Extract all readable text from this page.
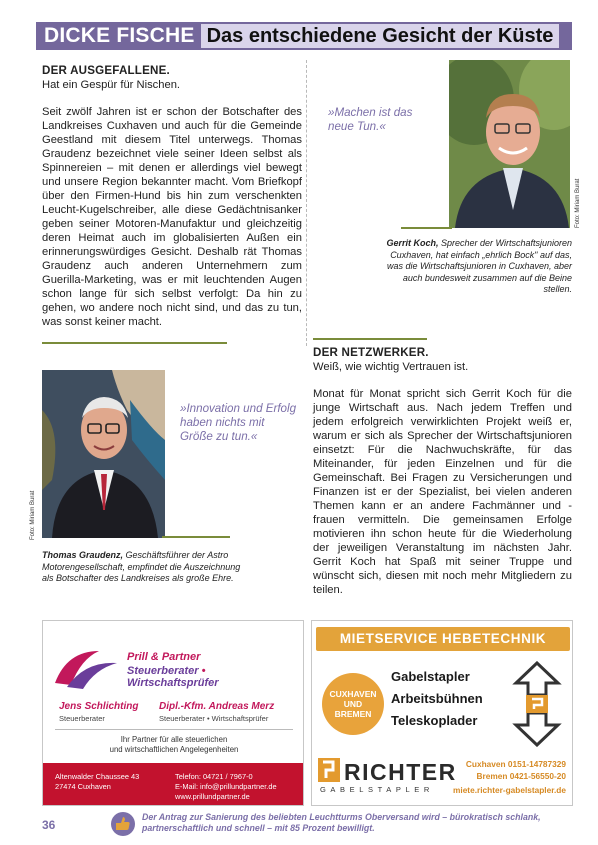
DICKE FISCHE Das entschiedene Gesicht der Küste

DER AUSGEFALLENE.

Hat ein Gespür für Nischen.

Seit zwölf Jahren ist er schon der Botschafter des Landkreises Cuxhaven und auch für die Gemeinde Geestland mit diesem Titel unterwegs. Thomas Graudenz bezeichnet viele seiner Ideen selbst als Spinnereien – mit denen er allerdings viel bewegt und unsere Region bekannter macht. Vom Briefkopf über den Firmen-Hund bis hin zum verschenkten Leucht-Kugelschreiber, alle diese Gedächtnisanker geben seiner Motoren-Manufaktur und gleichzeitig deren Heimat auch im globalisierten Außen ein erinnerungswürdiges Gesicht. Deshalb rät Thomas Graudenz auch anderen Unternehmern zum Guerilla-Marketing, was er mit leuchtenden Augen schon lange für sich selbst verfolgt: Da hin zu gehen, wo andere noch nicht sind, und das zu tun, was sonst keiner macht.

Foto: Miriam Burat
»Innovation und Erfolg haben nichts mit Größe zu tun.«
Thomas Graudenz, Geschäftsführer der Astro Motorengesellschaft, empfindet die Auszeichnung als Botschafter des Landkreises als große Ehre.
»Machen ist das neue Tun.«
Foto: Miriam Burat
Gerrit Koch, Sprecher der Wirtschaftsjunioren Cuxhaven, hat einfach „ehrlich Bock" auf das, was die Wirtschaftsjunioren in Cuxhaven, aber auch bundesweit zusammen auf die Beine stellen.

DER NETZWERKER.

Weiß, wie wichtig Vertrauen ist.

Monat für Monat spricht sich Gerrit Koch für die junge Wirtschaft aus. Nach jedem Treffen und jedem erfolgreich verwirklichten Projekt weiß er, warum er sich als Sprecher der Wirtschaftsjunioren einsetzt: Für die Nachwuchskräfte, für das Miteinander, für jeden Einzelnen und für die Gemeinschaft. Bei Fragen zu Versicherungen und Finanzen ist er der Spezialist, bei vielen anderen Themen kann er an andere Fachmänner und -frauen vermitteln. Die gemeinsamen Erfolge motivieren ihn schon heute für die Wiederholung der jeweiligen Veranstaltung im nächsten Jahr. Gerrit Koch hat Spaß mit seiner Truppe und wünscht sich, diesen mit noch mehr Mitgliedern zu teilen.

Prill & Partner
Steuerberater • Wirtschaftsprüfer
Jens Schlichting
Steuerberater
Dipl.-Kfm. Andreas Merz
Steuerberater • Wirtschaftsprüfer
Ihr Partner für alle steuerlichen
und wirtschaftlichen Angelegenheiten
Altenwalder Chaussee 43
27474 Cuxhaven
Telefon: 04721 / 7967-0
E-Mail: info@prillundpartner.de
www.prillundpartner.de
MIETSERVICE HEBETECHNIK
CUXHAVEN
UND
BREMEN
Gabelstapler
Arbeitsbühnen
Teleskoplader
RICHTER
GABELSTAPLER
Cuxhaven 0151-14787329
Bremen 0421-56550-20
miete.richter-gabelstapler.de
36
Der Antrag zur Sanierung des beliebten Leuchtturms Oberversand wird – bürokratisch schlank, partnerschaftlich und schnell – mit 85 Prozent bewilligt.
